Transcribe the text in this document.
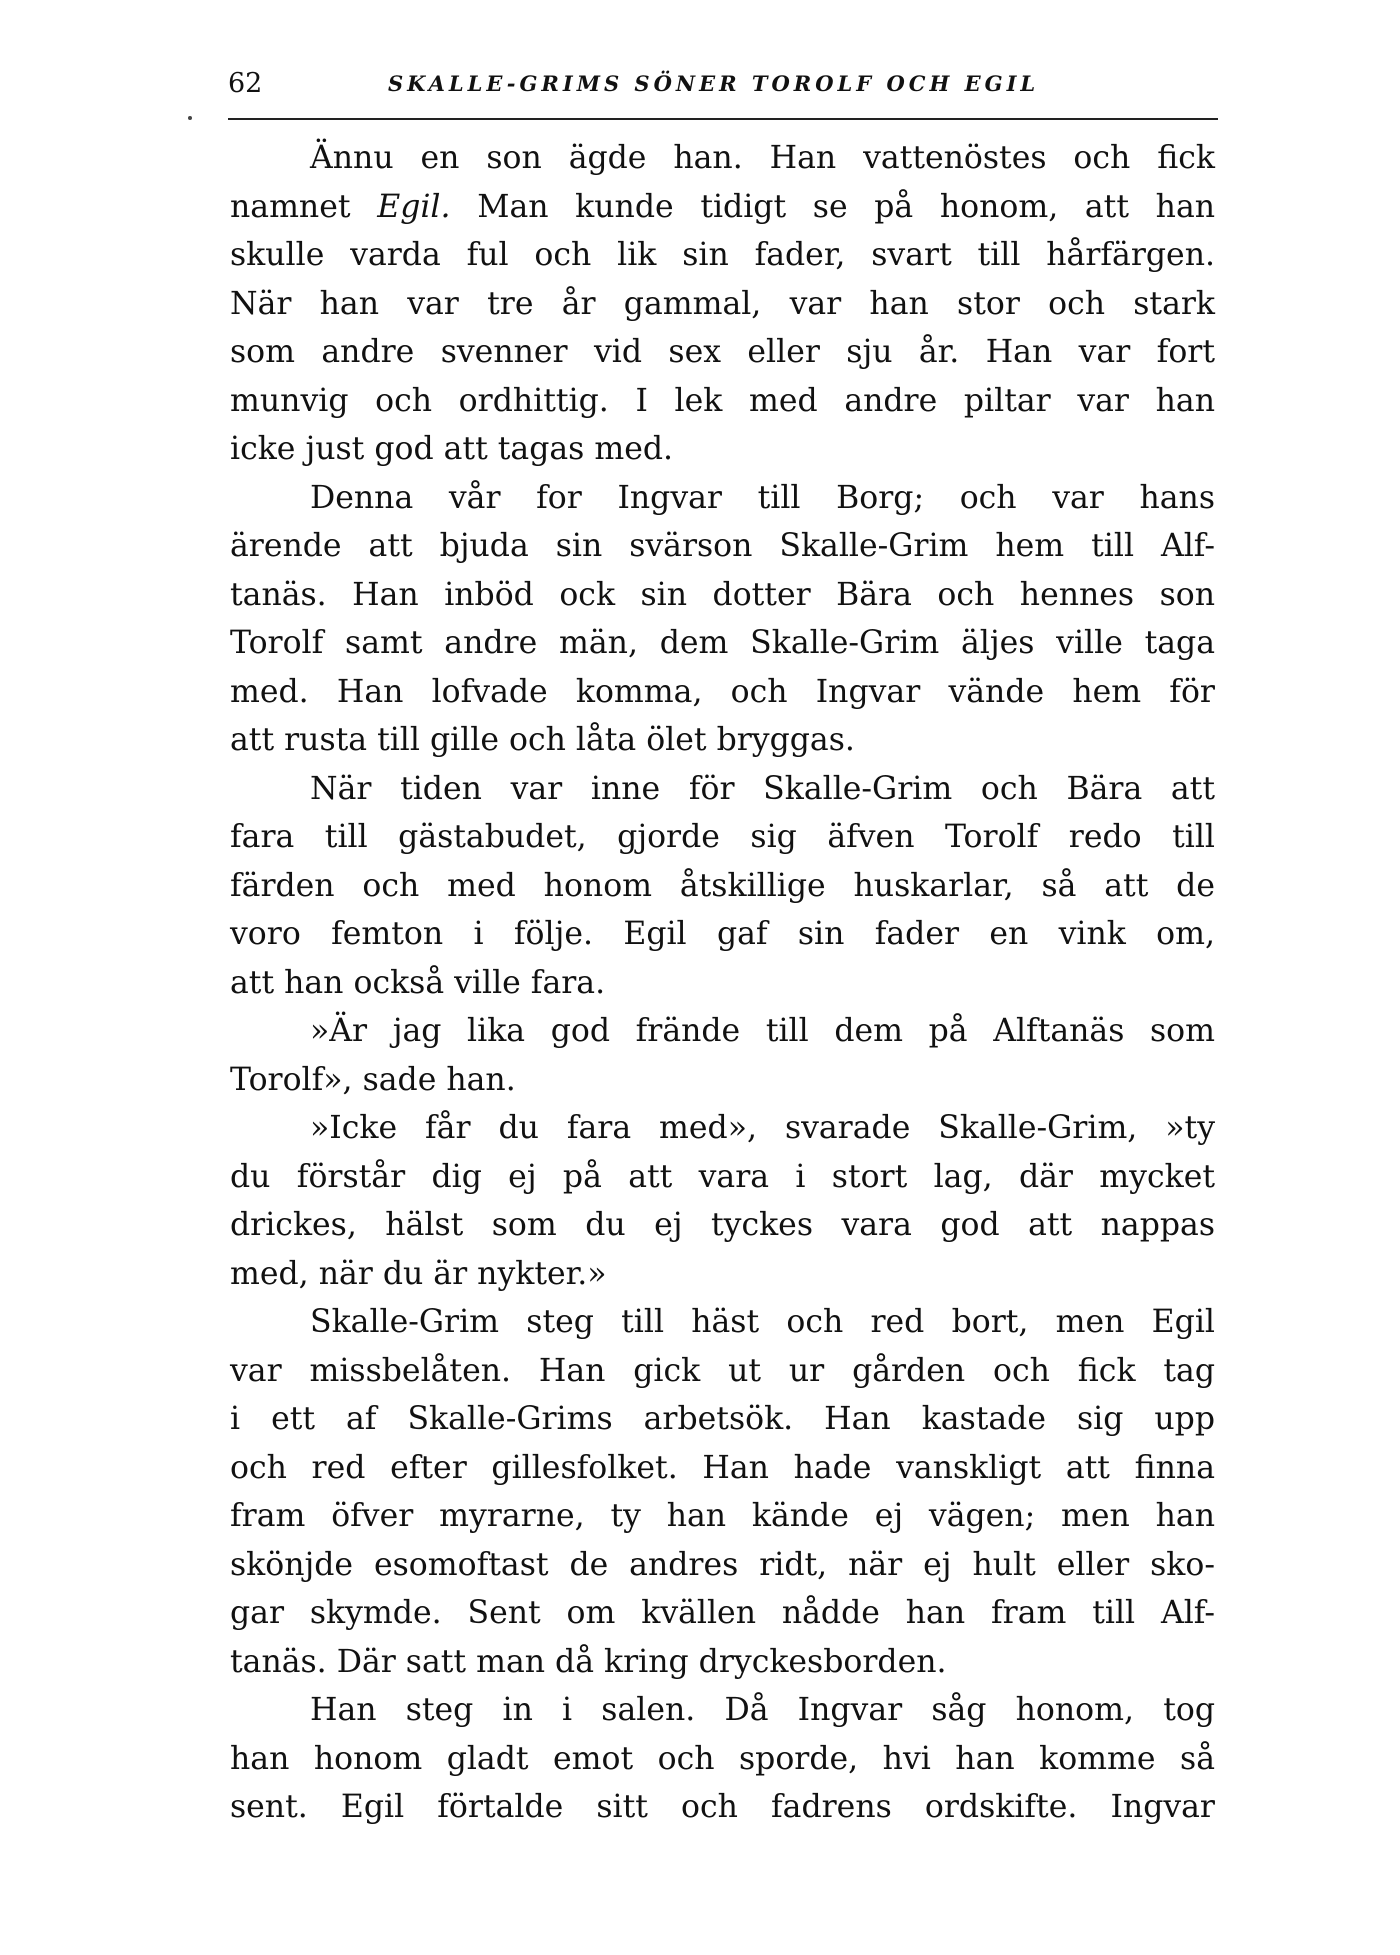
62	SKALLE-GRIMS SÖNER TOROLF OCH EGIL
Ännu en son ägde han. Han vattenöstes och fick
namnet Egil. Man kunde tidigt se på honom, att han
skulle varda ful och lik sin fader, svart till hårfärgen.
När han var tre år gammal, var han stor och stark
som andre svenner vid sex eller sju år. Han var fort
munvig och ordhittig. I lek med andre piltar var han
icke just god att tagas med.
Denna vår for Ingvar till Borg; och var hans
ärende att bjuda sin svärson Skalle-Grim hem till Alf-
tanäs. Han inböd ock sin dotter Bära och hennes son
Torolf samt andre män, dem Skalle-Grim äljes ville taga
med. Han lofvade komma, och Ingvar vände hem för
att rusta till gille och låta ölet bryggas.
När tiden var inne för Skalle-Grim och Bära att
fara till gästabudet, gjorde sig äfven Torolf redo till
färden och med honom åtskillige huskarlar, så att de
voro femton i följe. Egil gaf sin fader en vink om,
att han också ville fara.
»Är jag lika god frände till dem på Alftanäs som
Torolf», sade han.
»Icke får du fara med», svarade Skalle-Grim, »ty
du förstår dig ej på att vara i stort lag, där mycket
drickes, hälst som du ej tyckes vara god att nappas
med, när du är nykter.»
Skalle-Grim steg till häst och red bort, men Egil
var missbelåten. Han gick ut ur gården och fick tag
i ett af Skalle-Grims arbetsök. Han kastade sig upp
och red efter gillesfolket. Han hade vanskligt att finna
fram öfver myrarne, ty han kände ej vägen; men han
skönjde esomoftast de andres ridt, när ej hult eller sko-
gar skymde. Sent om kvällen nådde han fram till Alf-
tanäs. Där satt man då kring dryckesborden.
Han steg in i salen. Då Ingvar såg honom, tog
han honom gladt emot och sporde, hvi han komme så
sent. Egil förtalde sitt och fadrens ordskifte. Ingvar
